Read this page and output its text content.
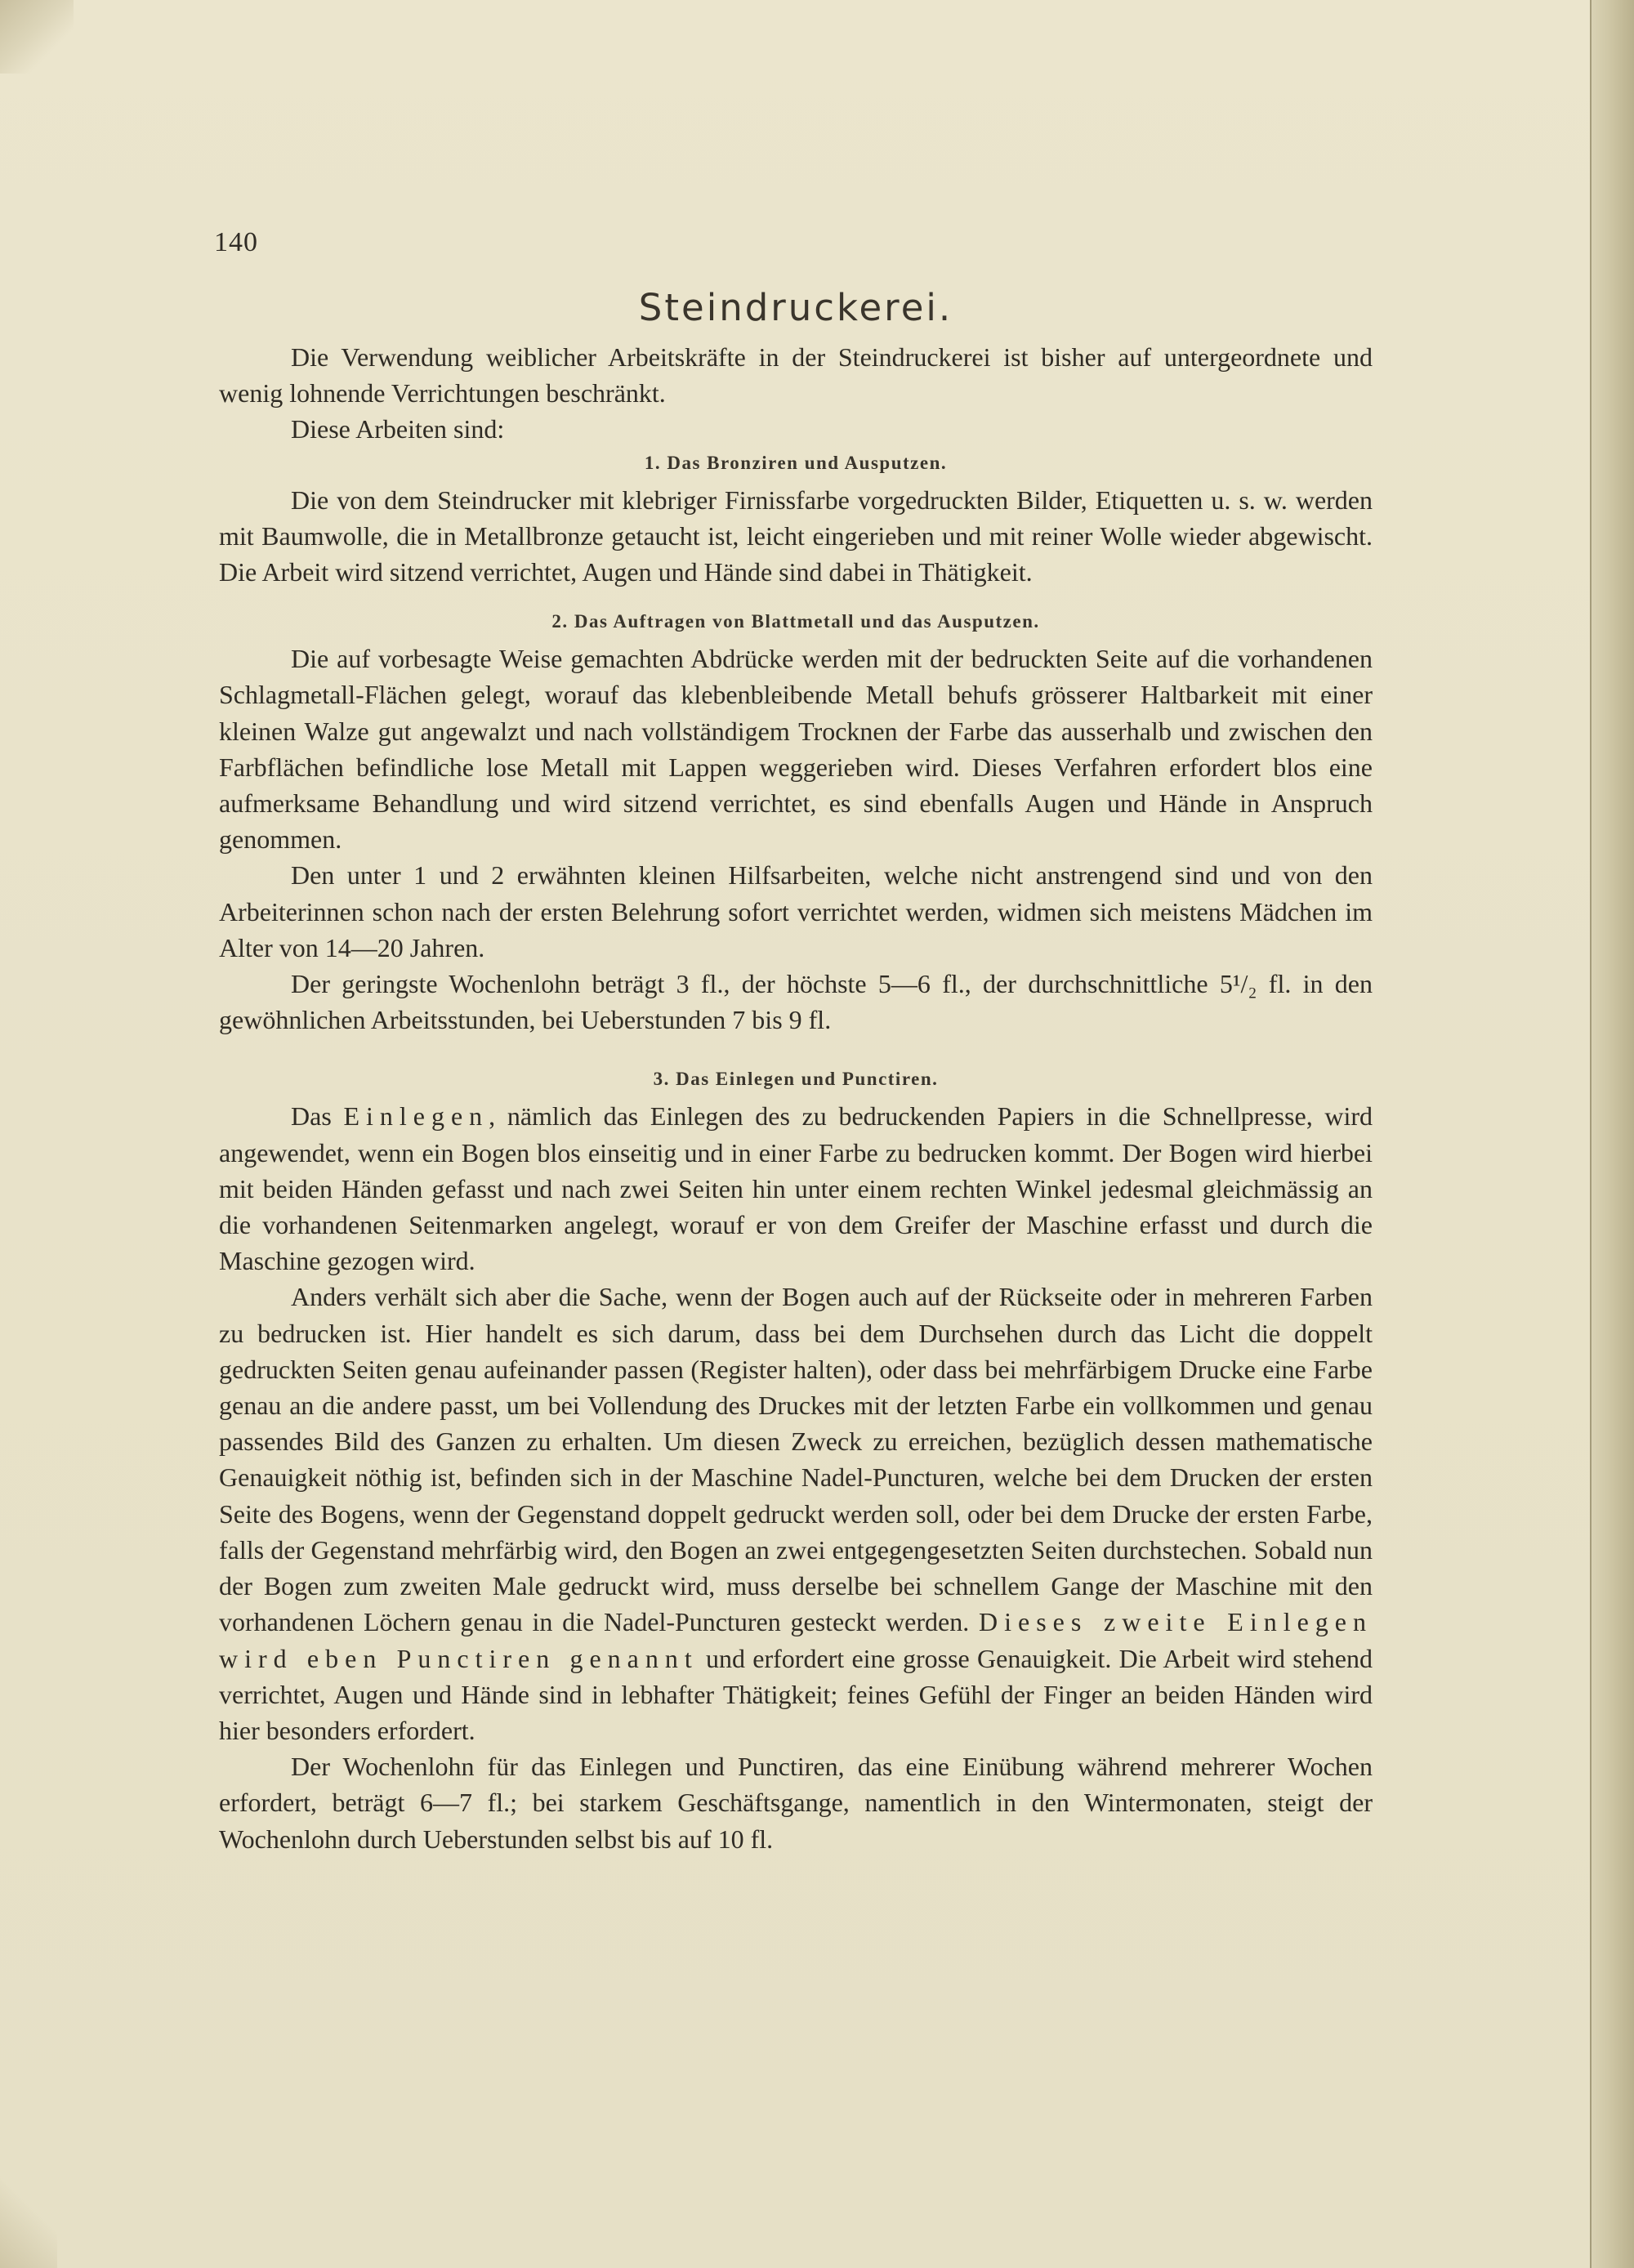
140
Steindruckerei.

Die Verwendung weiblicher Arbeitskräfte in der Steindruckerei ist bisher auf untergeordnete und wenig lohnende Verrichtungen beschränkt.

Diese Arbeiten sind:

1. Das Bronziren und Ausputzen.

Die von dem Steindrucker mit klebriger Firnissfarbe vorgedruckten Bilder, Etiquetten u. s. w. werden mit Baumwolle, die in Metallbronze getaucht ist, leicht eingerieben und mit reiner Wolle wieder abgewischt. Die Arbeit wird sitzend verrichtet, Augen und Hände sind dabei in Thätigkeit.

2. Das Auftragen von Blattmetall und das Ausputzen.

Die auf vorbesagte Weise gemachten Abdrücke werden mit der bedruckten Seite auf die vorhandenen Schlagmetall-Flächen gelegt, worauf das klebenbleibende Metall behufs grösserer Haltbarkeit mit einer kleinen Walze gut angewalzt und nach vollständigem Trocknen der Farbe das ausserhalb und zwischen den Farbflächen befindliche lose Metall mit Lappen weggerieben wird. Dieses Verfahren erfordert blos eine aufmerksame Behandlung und wird sitzend verrichtet, es sind ebenfalls Augen und Hände in Anspruch genommen.

Den unter 1 und 2 erwähnten kleinen Hilfsarbeiten, welche nicht anstrengend sind und von den Arbeiterinnen schon nach der ersten Belehrung sofort verrichtet werden, widmen sich meistens Mädchen im Alter von 14—20 Jahren.

Der geringste Wochenlohn beträgt 3 fl., der höchste 5—6 fl., der durchschnittliche 5¹/₂ fl. in den gewöhnlichen Arbeitsstunden, bei Ueberstunden 7 bis 9 fl.

3. Das Einlegen und Punctiren.

Das Einlegen, nämlich das Einlegen des zu bedruckenden Papiers in die Schnellpresse, wird angewendet, wenn ein Bogen blos einseitig und in einer Farbe zu bedrucken kommt. Der Bogen wird hierbei mit beiden Händen gefasst und nach zwei Seiten hin unter einem rechten Winkel jedesmal gleichmässig an die vorhandenen Seitenmarken angelegt, worauf er von dem Greifer der Maschine erfasst und durch die Maschine gezogen wird.

Anders verhält sich aber die Sache, wenn der Bogen auch auf der Rückseite oder in mehreren Farben zu bedrucken ist. Hier handelt es sich darum, dass bei dem Durchsehen durch das Licht die doppelt gedruckten Seiten genau aufeinander passen (Register halten), oder dass bei mehrfärbigem Drucke eine Farbe genau an die andere passt, um bei Vollendung des Druckes mit der letzten Farbe ein vollkommen und genau passendes Bild des Ganzen zu erhalten. Um diesen Zweck zu erreichen, bezüglich dessen mathematische Genauigkeit nöthig ist, befinden sich in der Maschine Nadel-Puncturen, welche bei dem Drucken der ersten Seite des Bogens, wenn der Gegenstand doppelt gedruckt werden soll, oder bei dem Drucke der ersten Farbe, falls der Gegenstand mehrfärbig wird, den Bogen an zwei entgegengesetzten Seiten durchstechen. Sobald nun der Bogen zum zweiten Male gedruckt wird, muss derselbe bei schnellem Gange der Maschine mit den vorhandenen Löchern genau in die Nadel-Puncturen gesteckt werden. Dieses zweite Einlegen wird eben Punctiren genannt und erfordert eine grosse Genauigkeit. Die Arbeit wird stehend verrichtet, Augen und Hände sind in lebhafter Thätigkeit; feines Gefühl der Finger an beiden Händen wird hier besonders erfordert.

Der Wochenlohn für das Einlegen und Punctiren, das eine Einübung während mehrerer Wochen erfordert, beträgt 6—7 fl.; bei starkem Geschäftsgange, namentlich in den Wintermonaten, steigt der Wochenlohn durch Ueberstunden selbst bis auf 10 fl.
